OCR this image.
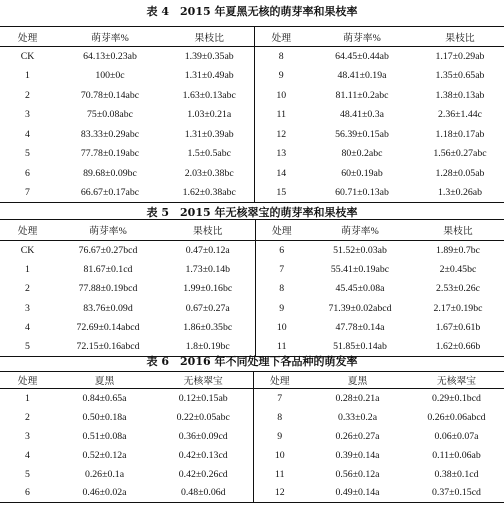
表 4　2015 年夏黑无核的萌芽率和果枝率
处理	萌芽率%	果枝比	处理	萌芽率%	果枝比
CK	64.13±0.23ab	1.39±0.35ab	8	64.45±0.44ab	1.17±0.29ab
1	100±0c	1.31±0.49ab	9	48.41±0.19a	1.35±0.65ab
2	70.78±0.14abc	1.63±0.13abc	10	81.11±0.2abc	1.38±0.13ab
3	75±0.08abc	1.03±0.21a	11	48.41±0.3a	2.36±1.44c
4	83.33±0.29abc	1.31±0.39ab	12	56.39±0.15ab	1.18±0.17ab
5	77.78±0.19abc	1.5±0.5abc	13	80±0.2abc	1.56±0.27abc
6	89.68±0.09bc	2.03±0.38bc	14	60±0.19ab	1.28±0.05ab
7	66.67±0.17abc	1.62±0.38abc	15	60.71±0.13ab	1.3±0.26ab
表 5　2015 年无核翠宝的萌芽率和果枝率
处理	萌芽率%	果枝比	处理	萌芽率%	果枝比
CK	76.67±0.27bcd	0.47±0.12a	6	51.52±0.03ab	1.89±0.7bc
1	81.67±0.1cd	1.73±0.14b	7	55.41±0.19abc	2±0.45bc
2	77.88±0.19bcd	1.99±0.16bc	8	45.45±0.08a	2.53±0.26c
3	83.76±0.09d	0.67±0.27a	9	71.39±0.02abcd	2.17±0.19bc
4	72.69±0.14abcd	1.86±0.35bc	10	47.78±0.14a	1.67±0.61b
5	72.15±0.16abcd	1.8±0.19bc	11	51.85±0.14ab	1.62±0.66b
表 6　2016 年不同处理下各品种的萌发率
处理	夏黑	无核翠宝	处理	夏黑	无核翠宝
1	0.84±0.65a	0.12±0.15ab	7	0.28±0.21a	0.29±0.1bcd
2	0.50±0.18a	0.22±0.05abc	8	0.33±0.2a	0.26±0.06abcd
3	0.51±0.08a	0.36±0.09cd	9	0.26±0.27a	0.06±0.07a
4	0.52±0.12a	0.42±0.13cd	10	0.39±0.14a	0.11±0.06ab
5	0.26±0.1a	0.42±0.26cd	11	0.56±0.12a	0.38±0.1cd
6	0.46±0.02a	0.48±0.06d	12	0.49±0.14a	0.37±0.15cd
